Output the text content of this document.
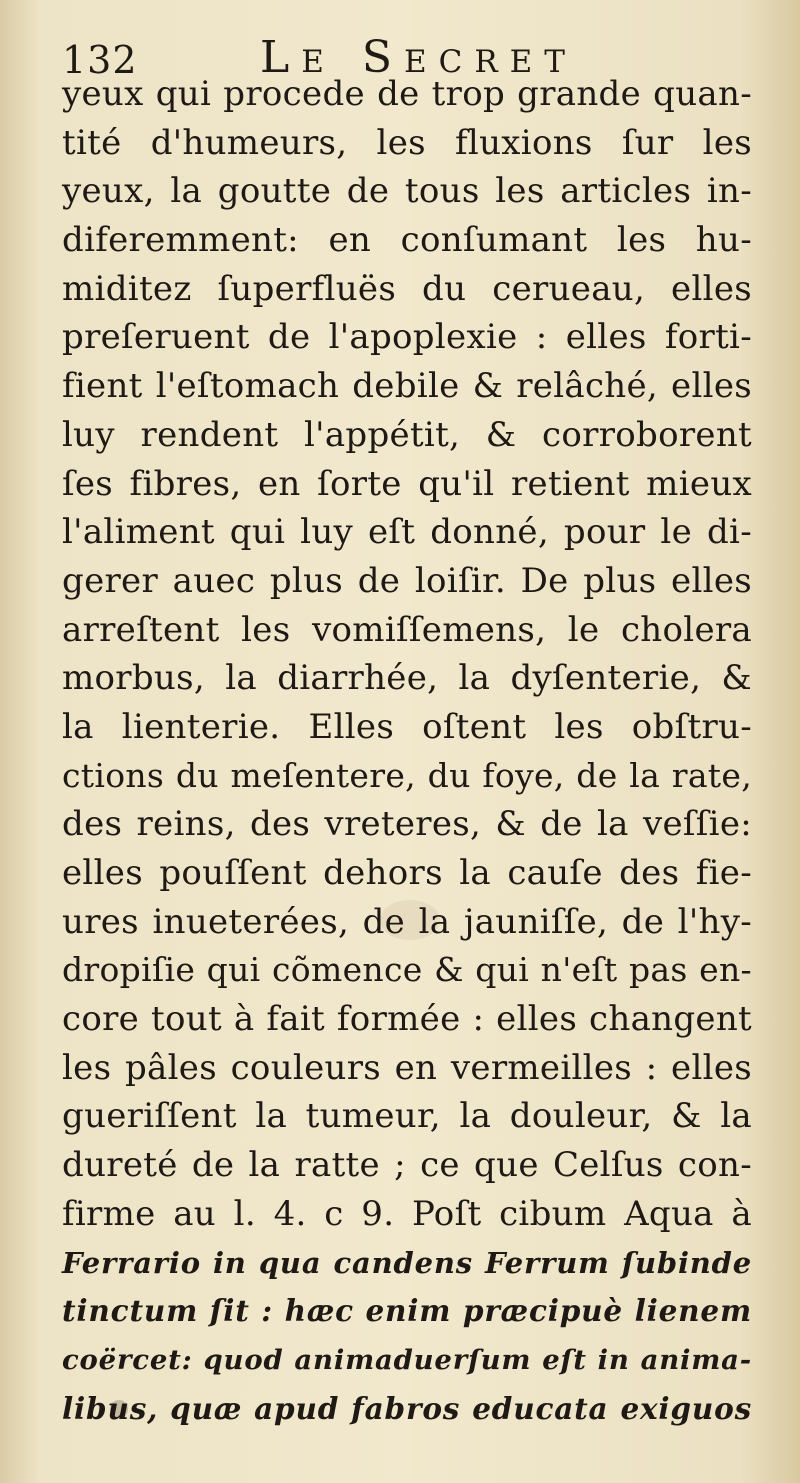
132	Le Secret
yeux qui procede de trop grande quan-
tité d'humeurs, les fluxions ſur les
yeux, la goutte de tous les articles in-
diferemment: en conſumant les hu-
miditez ſuperfluës du cerueau, elles
preſeruent de l'apoplexie : elles forti-
fient l'eſtomach debile & relâché, elles
luy rendent l'appétit, & corroborent
ſes fibres, en ſorte qu'il retient mieux
l'aliment qui luy eſt donné, pour le di-
gerer auec plus de loiſir. De plus elles
arreſtent les vomiſſemens, le cholera
morbus, la diarrhée, la dyſenterie, &
la lienterie. Elles oſtent les obſtru-
ctions du meſentere, du foye, de la rate,
des reins, des vreteres, & de la veſſie:
elles pouſſent dehors la cauſe des fie-
ures inueterées, de la jauniſſe, de l'hy-
dropiſie qui cõmence & qui n'eſt pas en-
core tout à fait formée : elles changent
les pâles couleurs en vermeilles : elles
gueriſſent la tumeur, la douleur, & la
dureté de la ratte ; ce que Celſus con-
firme au l. 4. c 9. Poſt cibum Aqua à
Ferrario in qua candens Ferrum ſubinde
tinctum ſit : hæc enim præcipuè lienem
coërcet: quod animaduerſum eſt in anima-
libus, quæ apud fabros educata exiguos
